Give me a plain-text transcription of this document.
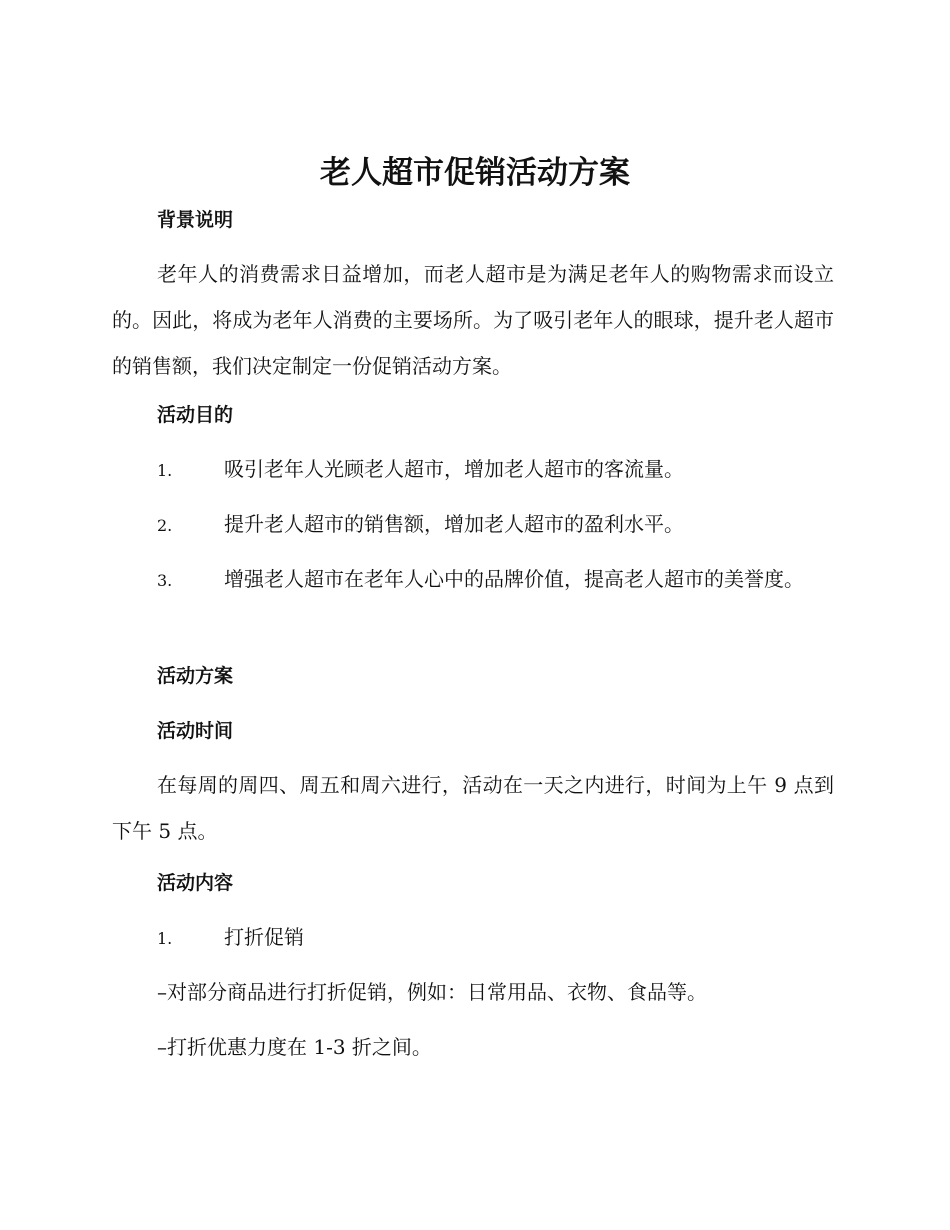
老人超市促销活动方案
背景说明

老年人的消费需求日益增加，而老人超市是为满足老年人的购物需求而设立的。因此，将成为老年人消费的主要场所。为了吸引老年人的眼球，提升老人超市的销售额，我们决定制定一份促销活动方案。

活动目的

1.	吸引老年人光顾老人超市，增加老人超市的客流量。

2.	提升老人超市的销售额，增加老人超市的盈利水平。

3.	增强老人超市在老年人心中的品牌价值，提高老人超市的美誉度。

活动方案
活动时间

在每周的周四、周五和周六进行，活动在一天之内进行，时间为上午 9 点到下午 5 点。

活动内容

1.	打折促销

–对部分商品进行打折促销，例如：日常用品、衣物、食品等。

–打折优惠力度在 1-3 折之间。
